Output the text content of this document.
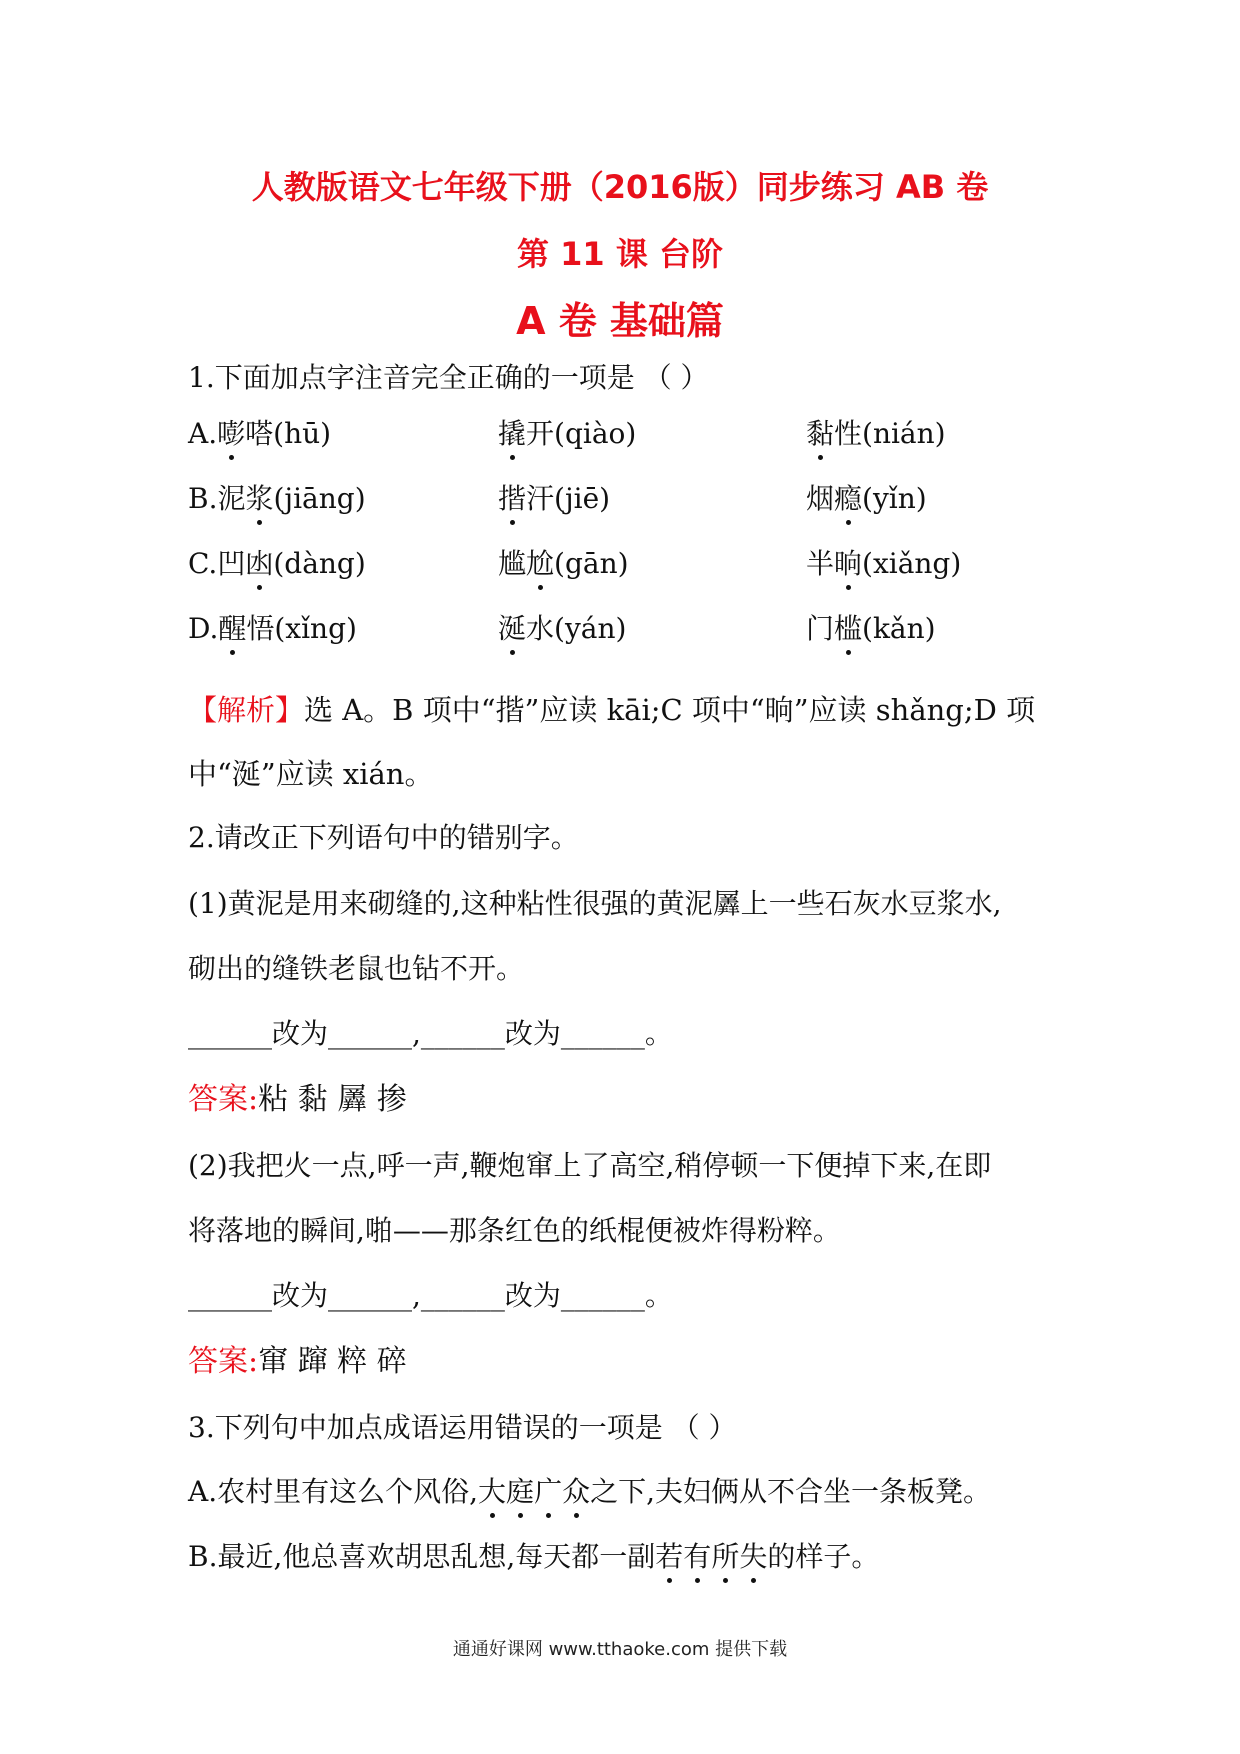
人教版语文七年级下册（2016版）同步练习 AB 卷
第 11 课 台阶
A 卷 基础篇
1.下面加点字注音完全正确的一项是 （ ）
A.嘭嗒(hū)	撬开(qiào)	黏性(nián)
B.泥浆(jiāng)	揩汗(jiē)	烟瘾(yǐn)
C.凹凼(dàng)	尴尬(gān)	半晌(xiǎng)
D.醒悟(xǐng)	涎水(yán)	门槛(kǎn)
【解析】选 A。B 项中“揩”应读 kāi;C 项中“晌”应读 shǎng;D 项
中“涎”应读 xián。
2.请改正下列语句中的错别字。
(1)黄泥是用来砌缝的,这种粘性很强的黄泥羼上一些石灰水豆浆水,
砌出的缝铁老鼠也钻不开。
______改为______,______改为______。
答案:粘 黏 羼 掺
(2)我把火一点,呼一声,鞭炮窜上了高空,稍停顿一下便掉下来,在即
将落地的瞬间,啪——那条红色的纸棍便被炸得粉粹。
______改为______,______改为______。
答案:窜 蹿 粹 碎
3.下列句中加点成语运用错误的一项是 （ ）
A.农村里有这么个风俗,大庭广众之下,夫妇俩从不合坐一条板凳。
B.最近,他总喜欢胡思乱想,每天都一副若有所失的样子。
通通好课网 www.tthaoke.com 提供下载
